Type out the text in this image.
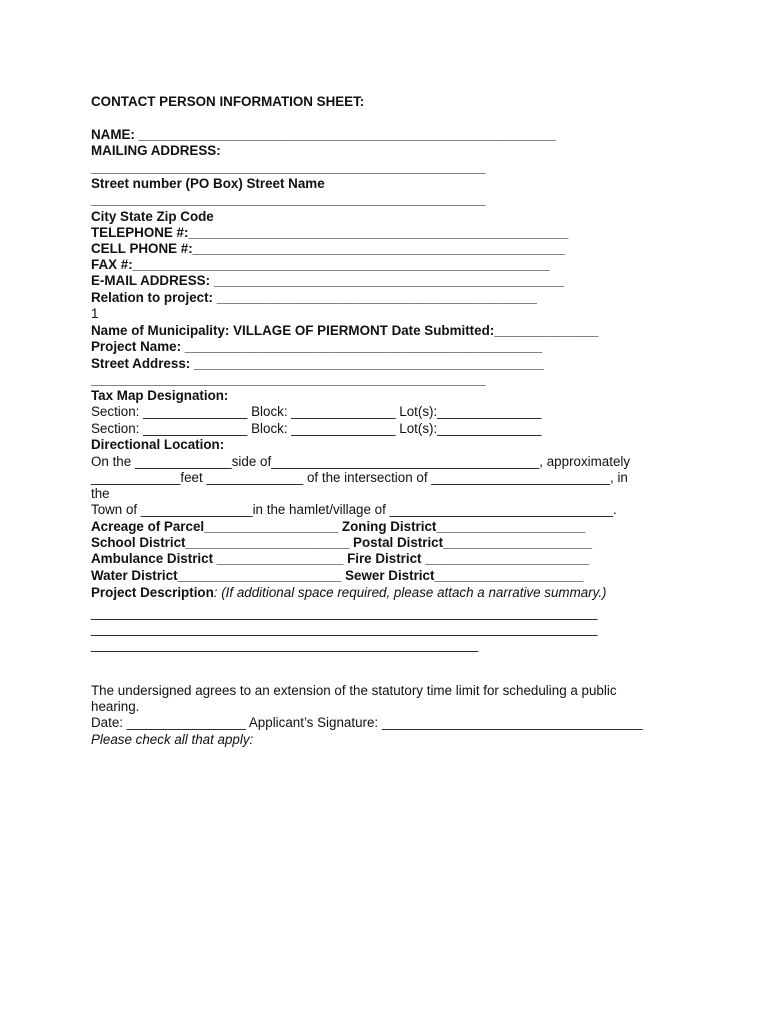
CONTACT PERSON INFORMATION SHEET:
NAME: ________________________________________________________
MAILING ADDRESS:
_____________________________________________________
Street number (PO Box) Street Name
_____________________________________________________
City State Zip Code
TELEPHONE #:___________________________________________________
CELL PHONE #:__________________________________________________
FAX #:________________________________________________________
E-MAIL ADDRESS: _______________________________________________
Relation to project: ___________________________________________
1
Name of Municipality: VILLAGE OF PIERMONT Date Submitted:______________
Project Name: ________________________________________________
Street Address: _______________________________________________
_____________________________________________________
Tax Map Designation:
Section: ______________ Block: ______________ Lot(s):______________
Section: ______________ Block: ______________ Lot(s):______________
Directional Location:
On the _____________side of____________________________________, approximately
____________feet _____________ of the intersection of ________________________, in
the
Town of _______________in the hamlet/village of ______________________________.
Acreage of Parcel__________________ Zoning District____________________
School District______________________ Postal District____________________
Ambulance District _________________ Fire District ______________________
Water District______________________ Sewer District____________________
Project Description: (If additional space required, please attach a narrative summary.)
____________________________________________________________________
____________________________________________________________________
____________________________________________________
The undersigned agrees to an extension of the statutory time limit for scheduling a public
hearing.
Date: ________________ Applicant’s Signature: ___________________________________
Please check all that apply:
